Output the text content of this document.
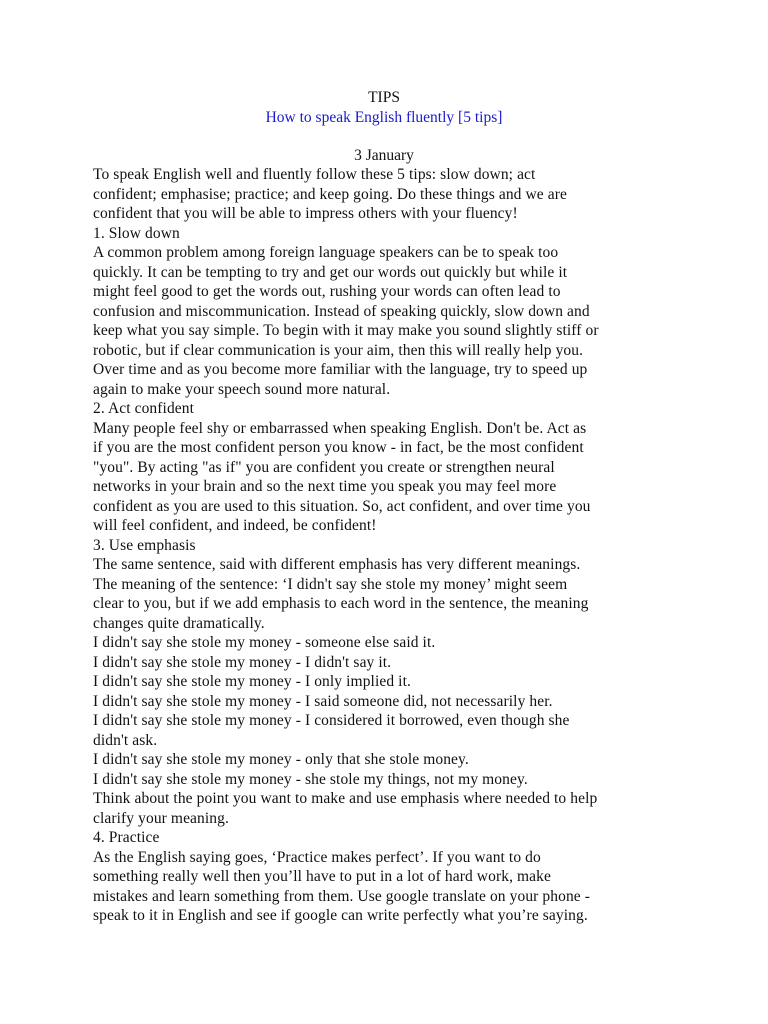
TIPS
How to speak English fluently [5 tips]
3 January

To speak English well and fluently follow these 5 tips: slow down; act

confident; emphasise; practice; and keep going. Do these things and we are

confident that you will be able to impress others with your fluency!

1. Slow down

A common problem among foreign language speakers can be to speak too

quickly. It can be tempting to try and get our words out quickly but while it

might feel good to get the words out, rushing your words can often lead to

confusion and miscommunication. Instead of speaking quickly, slow down and

keep what you say simple. To begin with it may make you sound slightly stiff or

robotic, but if clear communication is your aim, then this will really help you.

Over time and as you become more familiar with the language, try to speed up

again to make your speech sound more natural.

2. Act confident

Many people feel shy or embarrassed when speaking English. Don't be. Act as

if you are the most confident person you know - in fact, be the most confident

"you". By acting "as if" you are confident you create or strengthen neural

networks in your brain and so the next time you speak you may feel more

confident as you are used to this situation. So, act confident, and over time you

will feel confident, and indeed, be confident!

3. Use emphasis

The same sentence, said with different emphasis has very different meanings.

The meaning of the sentence: ‘I didn't say she stole my money’ might seem

clear to you, but if we add emphasis to each word in the sentence, the meaning

changes quite dramatically.

I didn't say she stole my money - someone else said it.

I didn't say she stole my money - I didn't say it.

I didn't say she stole my money - I only implied it.

I didn't say she stole my money - I said someone did, not necessarily her.

I didn't say she stole my money - I considered it borrowed, even though she

didn't ask.

I didn't say she stole my money - only that she stole money.

I didn't say she stole my money - she stole my things, not my money.

Think about the point you want to make and use emphasis where needed to help

clarify your meaning.

4. Practice

As the English saying goes, ‘Practice makes perfect’. If you want to do

something really well then you’ll have to put in a lot of hard work, make

mistakes and learn something from them. Use google translate on your phone -

speak to it in English and see if google can write perfectly what you’re saying.
